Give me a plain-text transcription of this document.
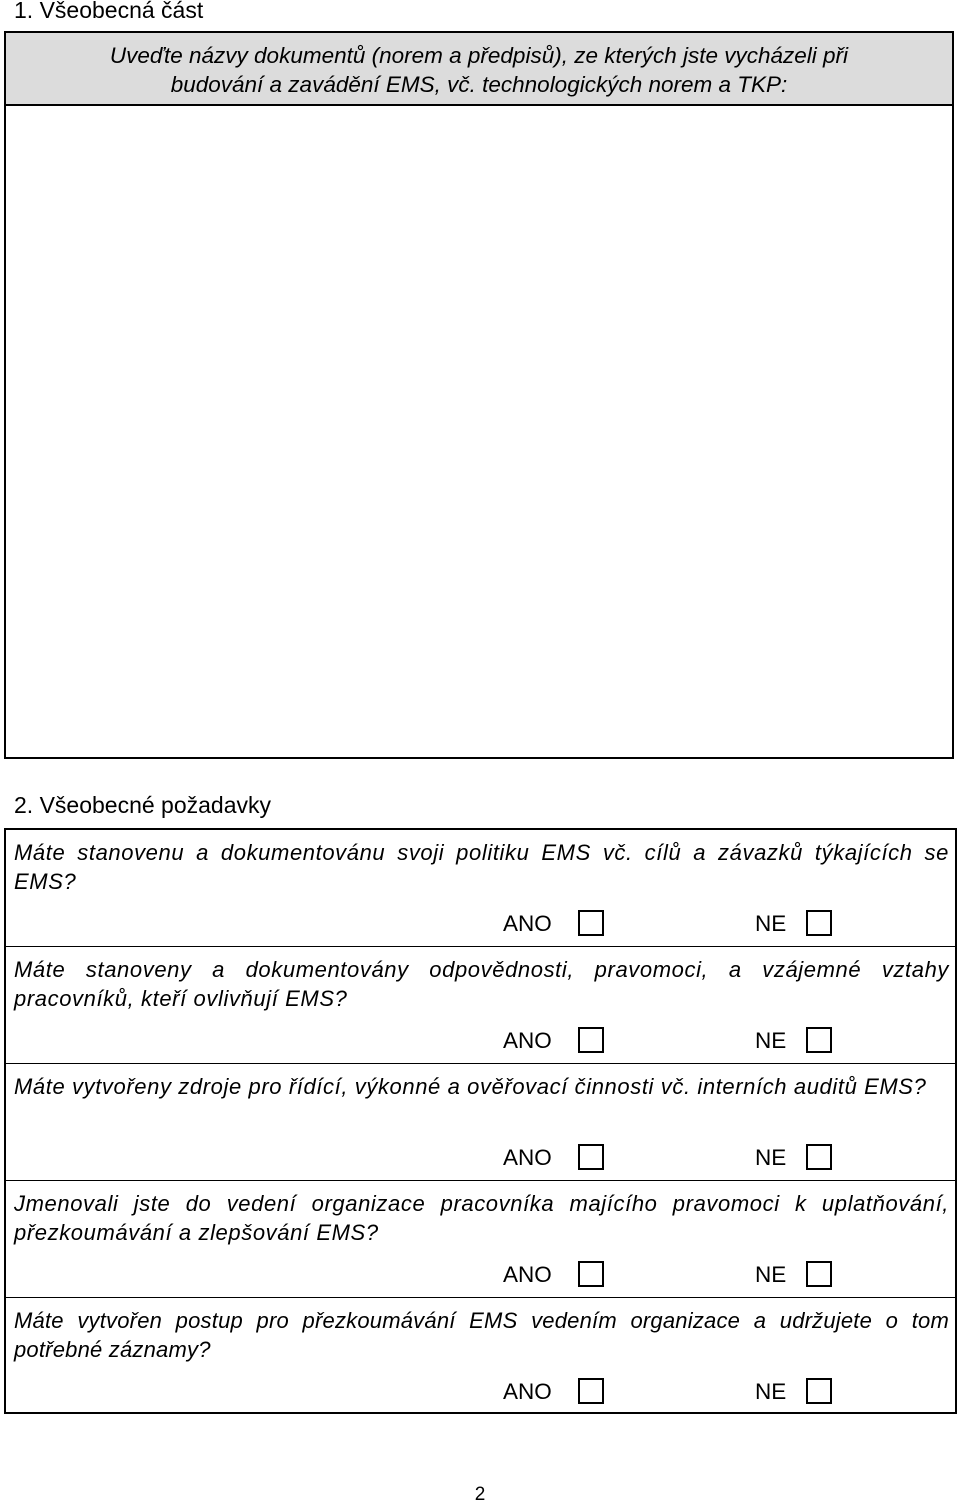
1. Všeobecná část
Uveďte názvy dokumentů (norem a předpisů), ze kterých jste vycházeli při
budování a zavádění EMS, vč. technologických norem a TKP:
2. Všeobecné požadavky
Máte stanovenu a dokumentovánu svoji politiku EMS vč. cílů a závazků týkajících se EMS?
ANO	NE
Máte stanoveny a dokumentovány odpovědnosti, pravomoci, a vzájemné vztahy pracovníků, kteří ovlivňují EMS?
ANO	NE
Máte vytvořeny zdroje pro řídící, výkonné a ověřovací činnosti vč. interních auditů EMS?
ANO	NE
Jmenovali jste do vedení organizace pracovníka majícího pravomoci k uplatňování, přezkoumávání a zlepšování EMS?
ANO	NE
Máte vytvořen postup pro přezkoumávání EMS vedením organizace a udržujete o tom potřebné záznamy?
ANO	NE
2
